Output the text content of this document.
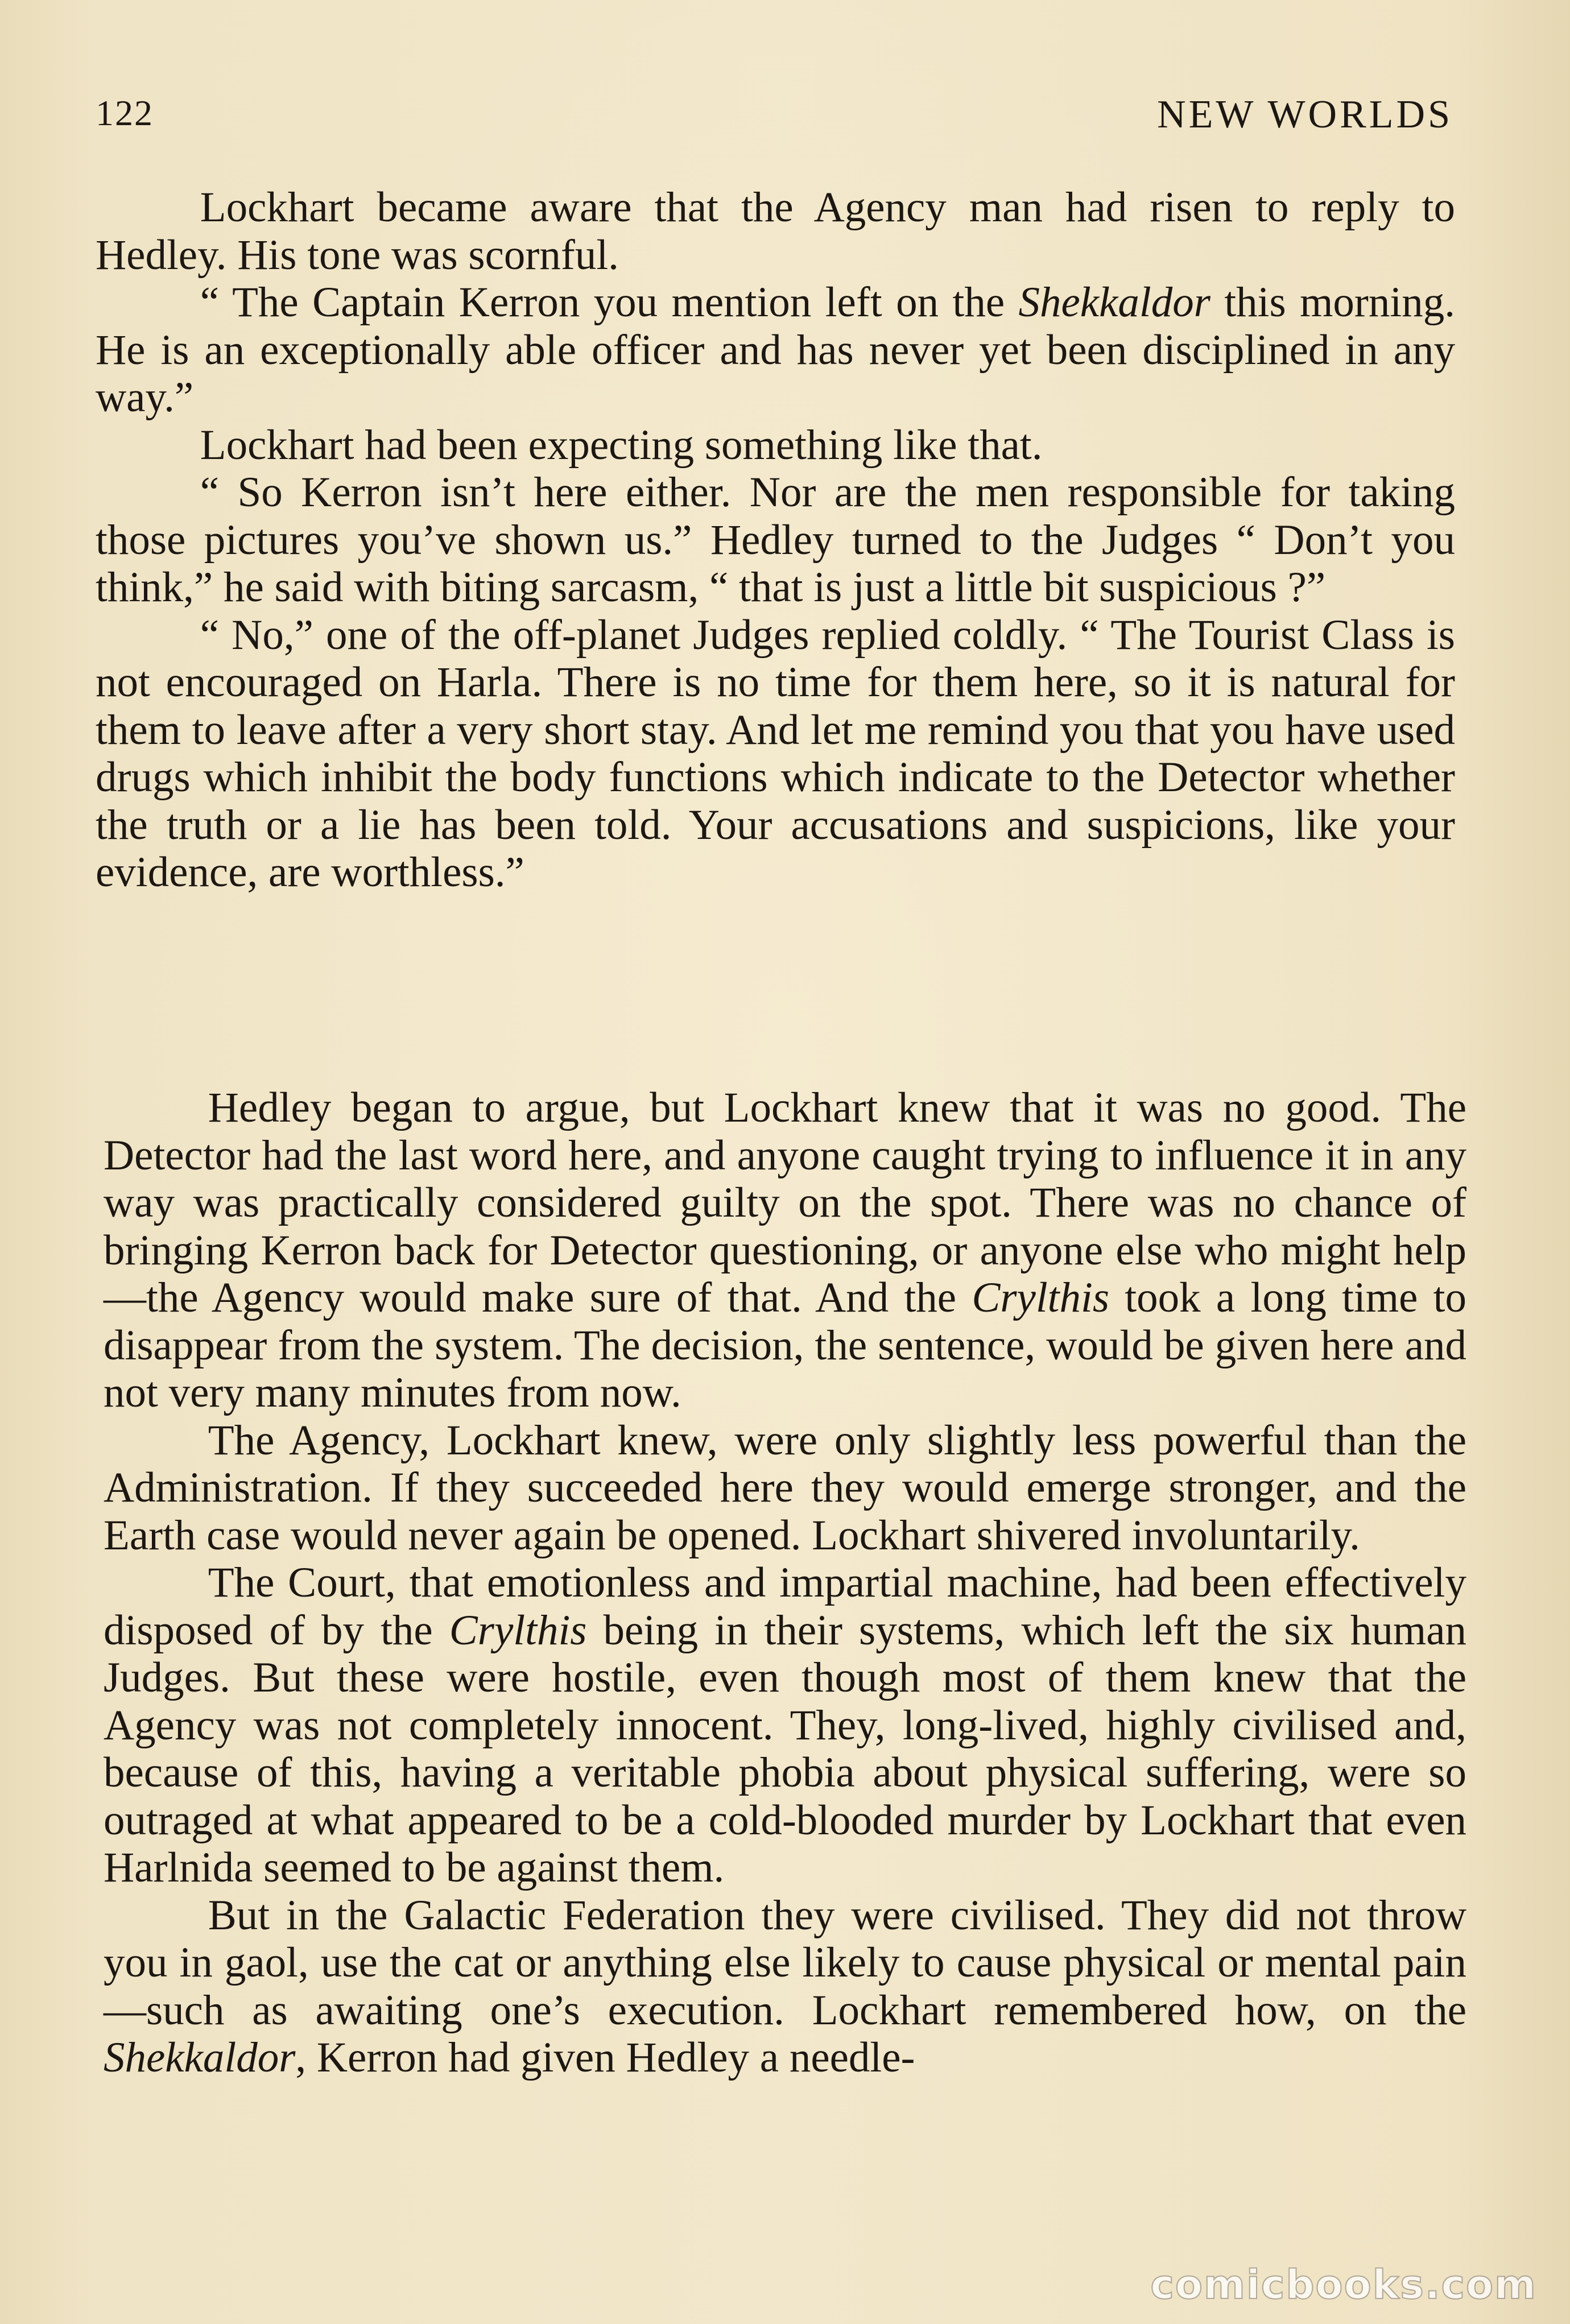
122	NEW WORLDS

Lockhart became aware that the Agency man had risen to reply to Hedley. His tone was scornful.

“ The Captain Kerron you mention left on the Shekkaldor this morning. He is an exceptionally able officer and has never yet been disciplined in any way.”

Lockhart had been expecting something like that.

“ So Kerron isn’t here either. Nor are the men responsible for taking those pictures you’ve shown us.” Hedley turned to the Judges “ Don’t you think,” he said with biting sarcasm, “ that is just a little bit suspicious ?”

“ No,” one of the off-planet Judges replied coldly. “ The Tourist Class is not encouraged on Harla. There is no time for them here, so it is natural for them to leave after a very short stay. And let me remind you that you have used drugs which inhibit the body functions which indicate to the Detector whether the truth or a lie has been told. Your accusations and suspicions, like your evidence, are worthless.”

Hedley began to argue, but Lockhart knew that it was no good. The Detector had the last word here, and anyone caught trying to influence it in any way was practically considered guilty on the spot. There was no chance of bringing Kerron back for Detector questioning, or anyone else who might help—the Agency would make sure of that. And the Crylthis took a long time to disappear from the system. The decision, the sentence, would be given here and not very many minutes from now.

The Agency, Lockhart knew, were only slightly less powerful than the Administration. If they succeeded here they would emerge stronger, and the Earth case would never again be opened. Lockhart shivered involuntarily.

The Court, that emotionless and impartial machine, had been effectively disposed of by the Crylthis being in their systems, which left the six human Judges. But these were hostile, even though most of them knew that the Agency was not completely innocent. They, long-lived, highly civilised and, because of this, having a veritable phobia about physical suffering, were so outraged at what appeared to be a cold-blooded murder by Lockhart that even Harlnida seemed to be against them.

But in the Galactic Federation they were civilised. They did not throw you in gaol, use the cat or anything else likely to cause physical or mental pain—such as awaiting one’s execution. Lockhart remembered how, on the Shekkaldor, Kerron had given Hedley a needle-

comicbooks.com
